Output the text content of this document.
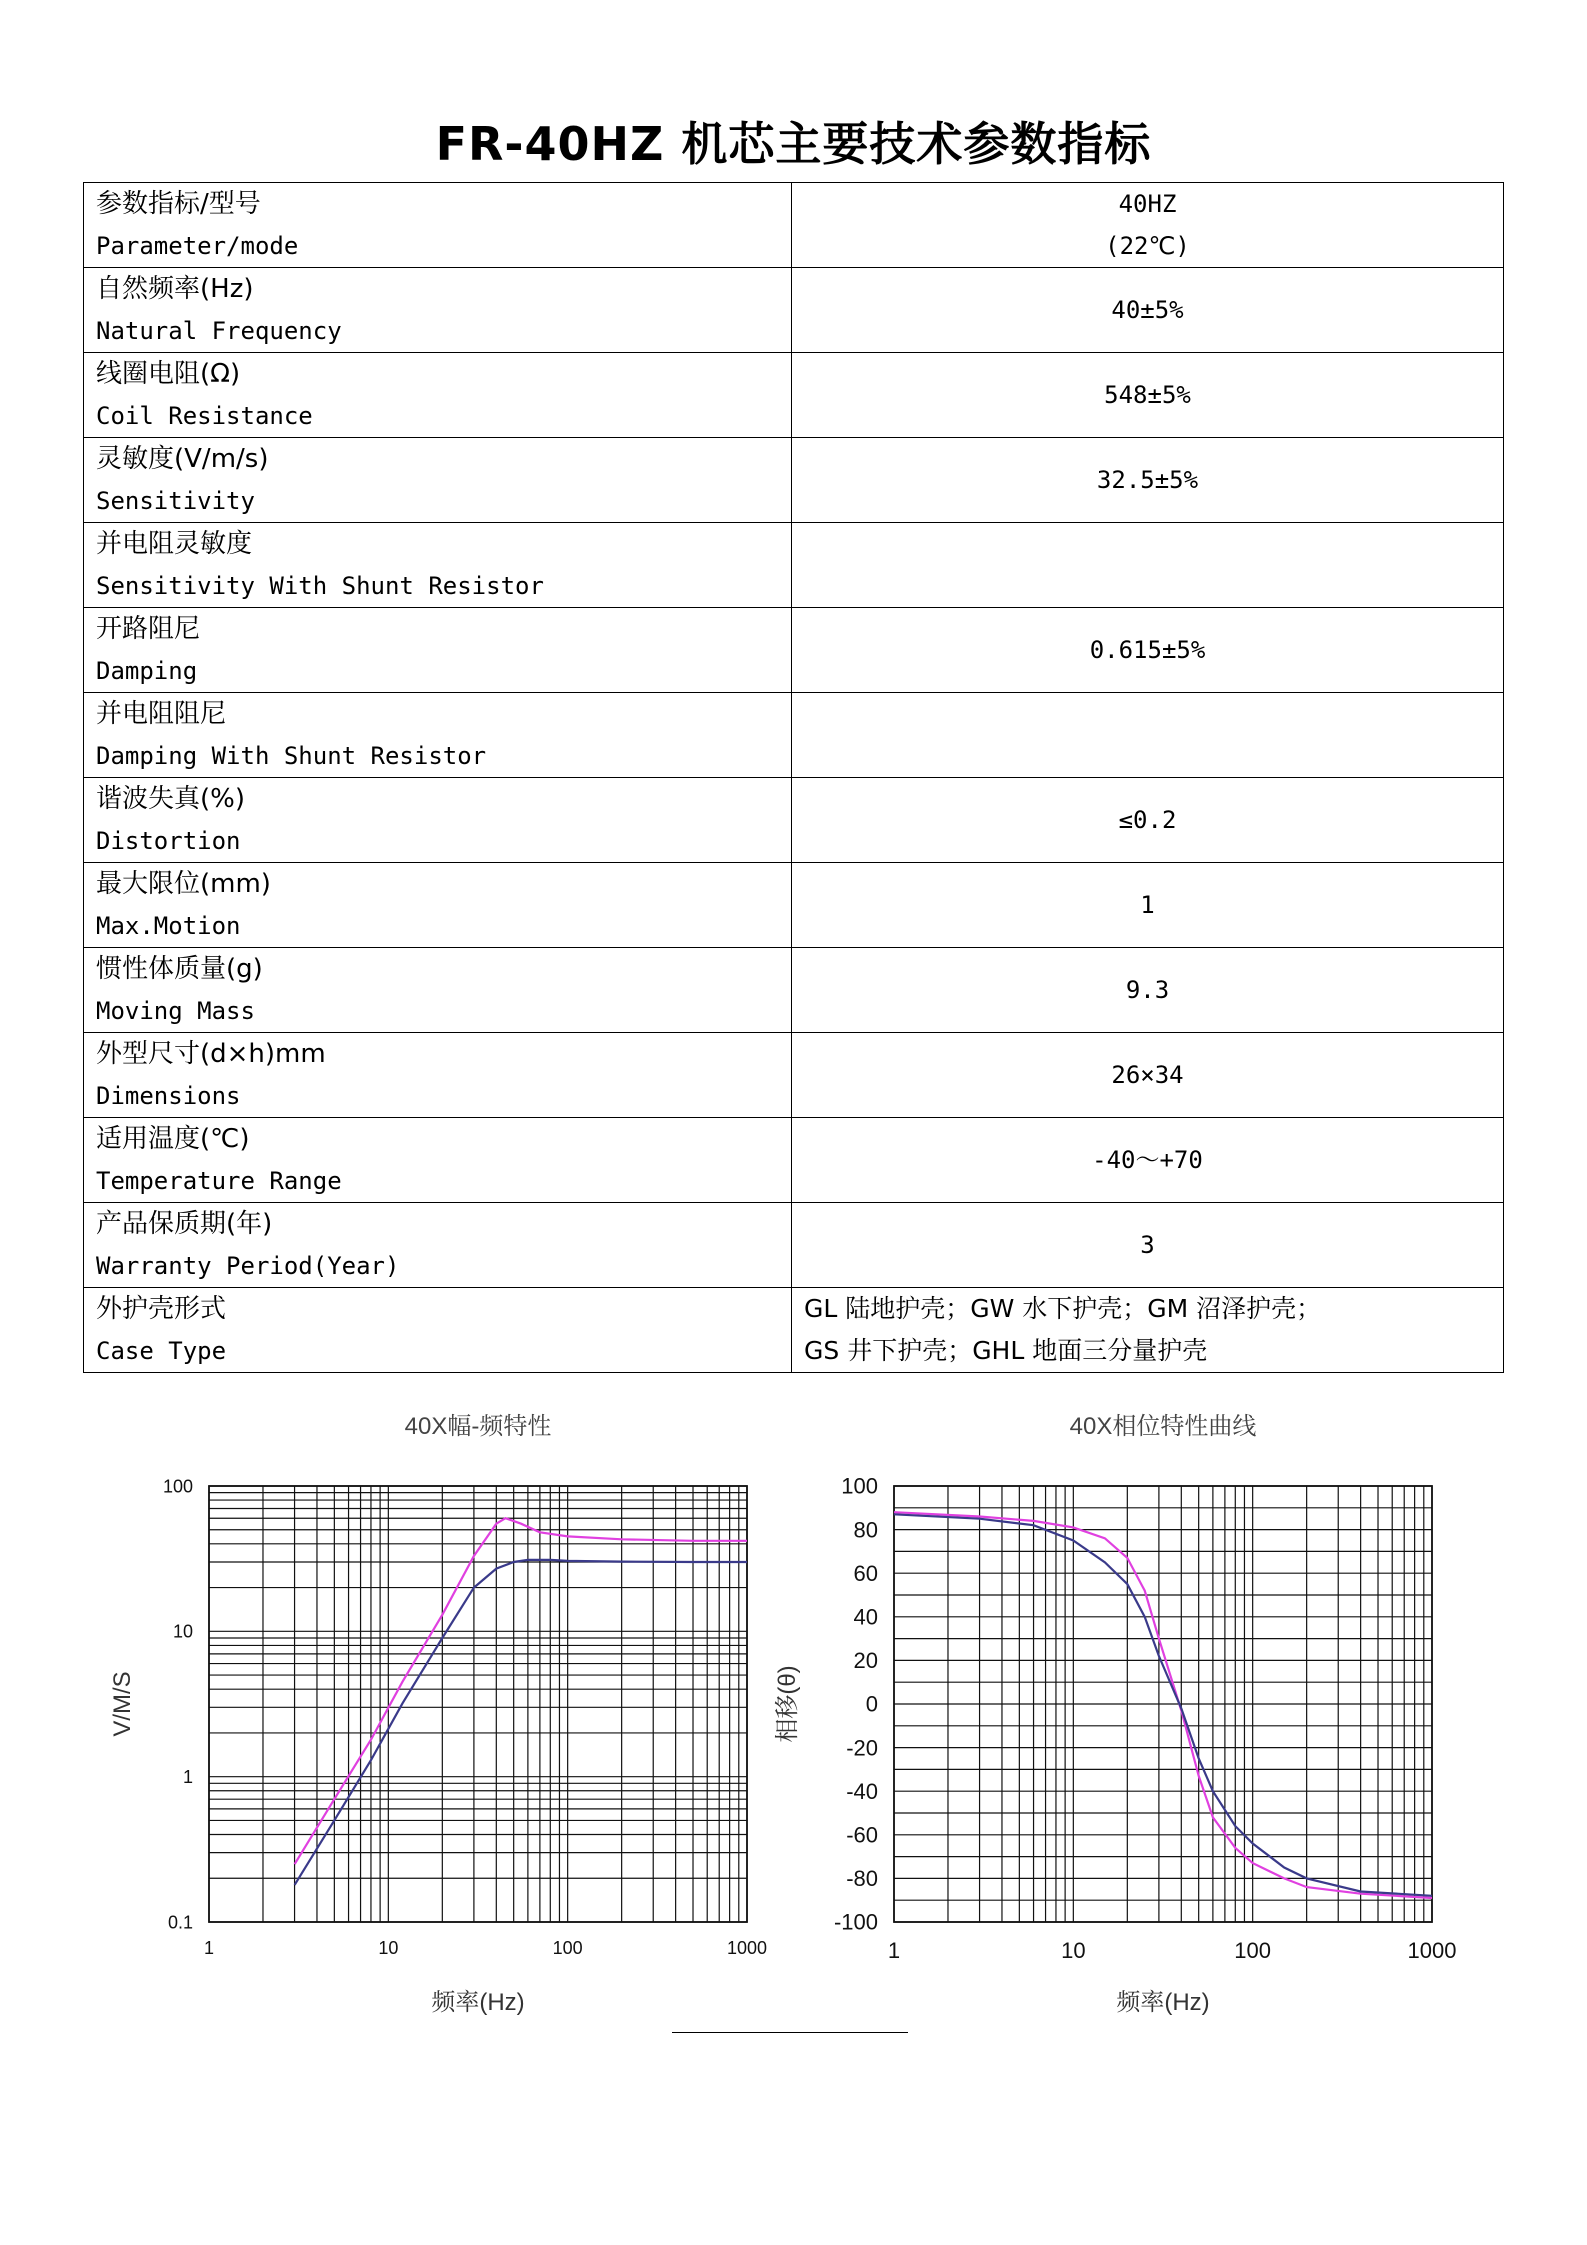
FR-40HZ 机芯主要技术参数指标
参数指标/型号
Parameter/mode	40HZ
(22℃)

自然频率(Hz)
Natural Frequency	40±5%

线圈电阻(Ω)
Coil Resistance	548±5%

灵敏度(V/m/s)
Sensitivity	32.5±5%

并电阻灵敏度
Sensitivity With Shunt Resistor	

开路阻尼
Damping	0.615±5%

并电阻阻尼
Damping With Shunt Resistor	

谐波失真(%)
Distortion	≤0.2

最大限位(mm)
Max.Motion	1

惯性体质量(g)
Moving Mass	9.3

外型尺寸(d×h)mm
Dimensions	26×34

适用温度(℃)
Temperature Range	-40～+70

产品保质期(年)
Warranty Period(Year)	3

外护壳形式
Case Type	GL 陆地护壳；GW 水下护壳；GM 沼泽护壳；
GS 井下护壳；GHL 地面三分量护壳
40X幅-频特性
1	10	100	1000
100
10
1
0.1
频率(Hz)
V/M/S
40X相位特性曲线
1	10	100	1000
100
80
60
40
20
0
-20
-40
-60
-80
-100
频率(Hz)
相移(θ)
